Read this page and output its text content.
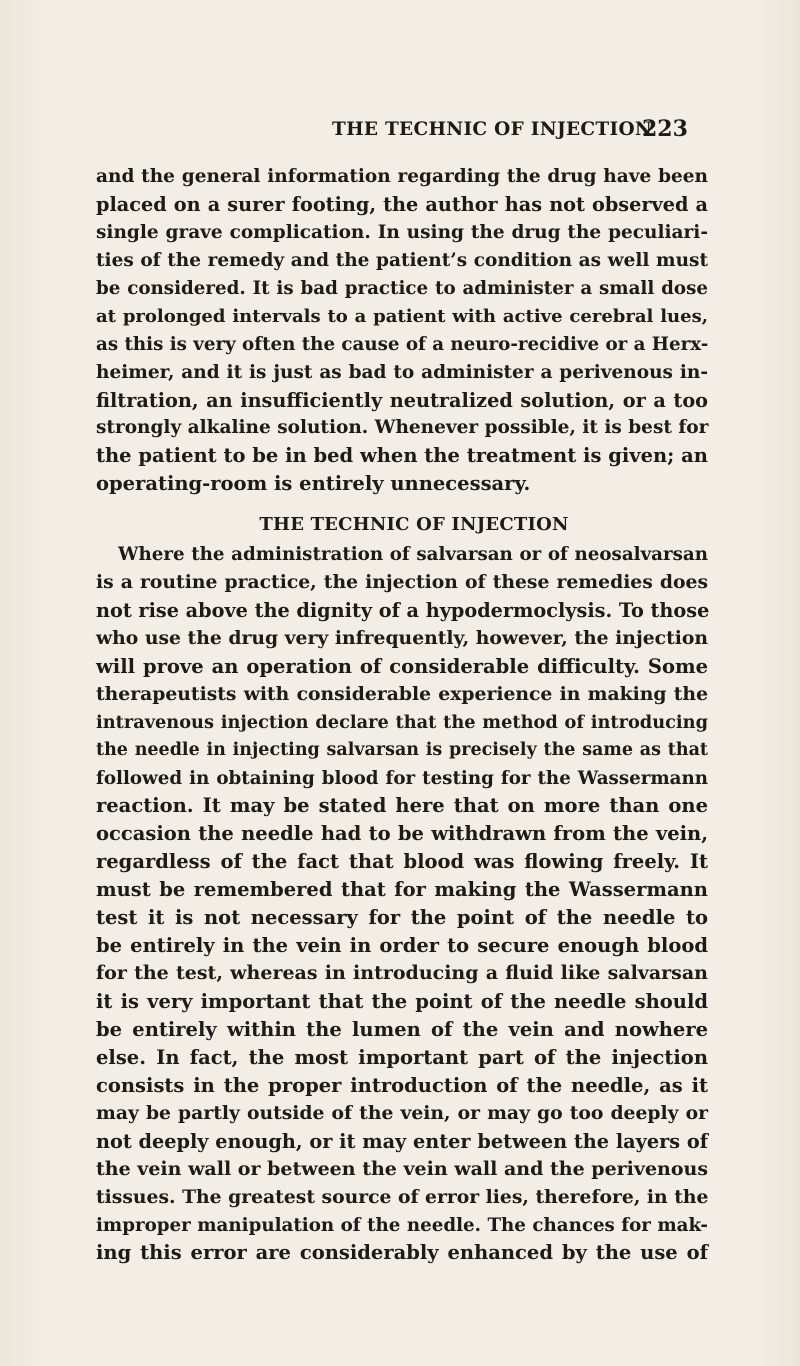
THE TECHNIC OF INJECTION
223
and the general information regarding the drug have been
placed on a surer footing, the author has not observed a
single grave complication. In using the drug the peculiari-
ties of the remedy and the patient’s condition as well must
be considered. It is bad practice to administer a small dose
at prolonged intervals to a patient with active cerebral lues,
as this is very often the cause of a neuro-recidive or a Herx-
heimer, and it is just as bad to administer a perivenous in-
filtration, an insufficiently neutralized solution, or a too
strongly alkaline solution. Whenever possible, it is best for
the patient to be in bed when the treatment is given; an
operating-room is entirely unnecessary.
THE TECHNIC OF INJECTION
Where the administration of salvarsan or of neosalvarsan
is a routine practice, the injection of these remedies does
not rise above the dignity of a hypodermoclysis. To those
who use the drug very infrequently, however, the injection
will prove an operation of considerable difficulty. Some
therapeutists with considerable experience in making the
intravenous injection declare that the method of introducing
the needle in injecting salvarsan is precisely the same as that
followed in obtaining blood for testing for the Wassermann
reaction. It may be stated here that on more than one
occasion the needle had to be withdrawn from the vein,
regardless of the fact that blood was flowing freely. It
must be remembered that for making the Wassermann
test it is not necessary for the point of the needle to
be entirely in the vein in order to secure enough blood
for the test, whereas in introducing a fluid like salvarsan
it is very important that the point of the needle should
be entirely within the lumen of the vein and nowhere
else. In fact, the most important part of the injection
consists in the proper introduction of the needle, as it
may be partly outside of the vein, or may go too deeply or
not deeply enough, or it may enter between the layers of
the vein wall or between the vein wall and the perivenous
tissues. The greatest source of error lies, therefore, in the
improper manipulation of the needle. The chances for mak-
ing this error are considerably enhanced by the use of
